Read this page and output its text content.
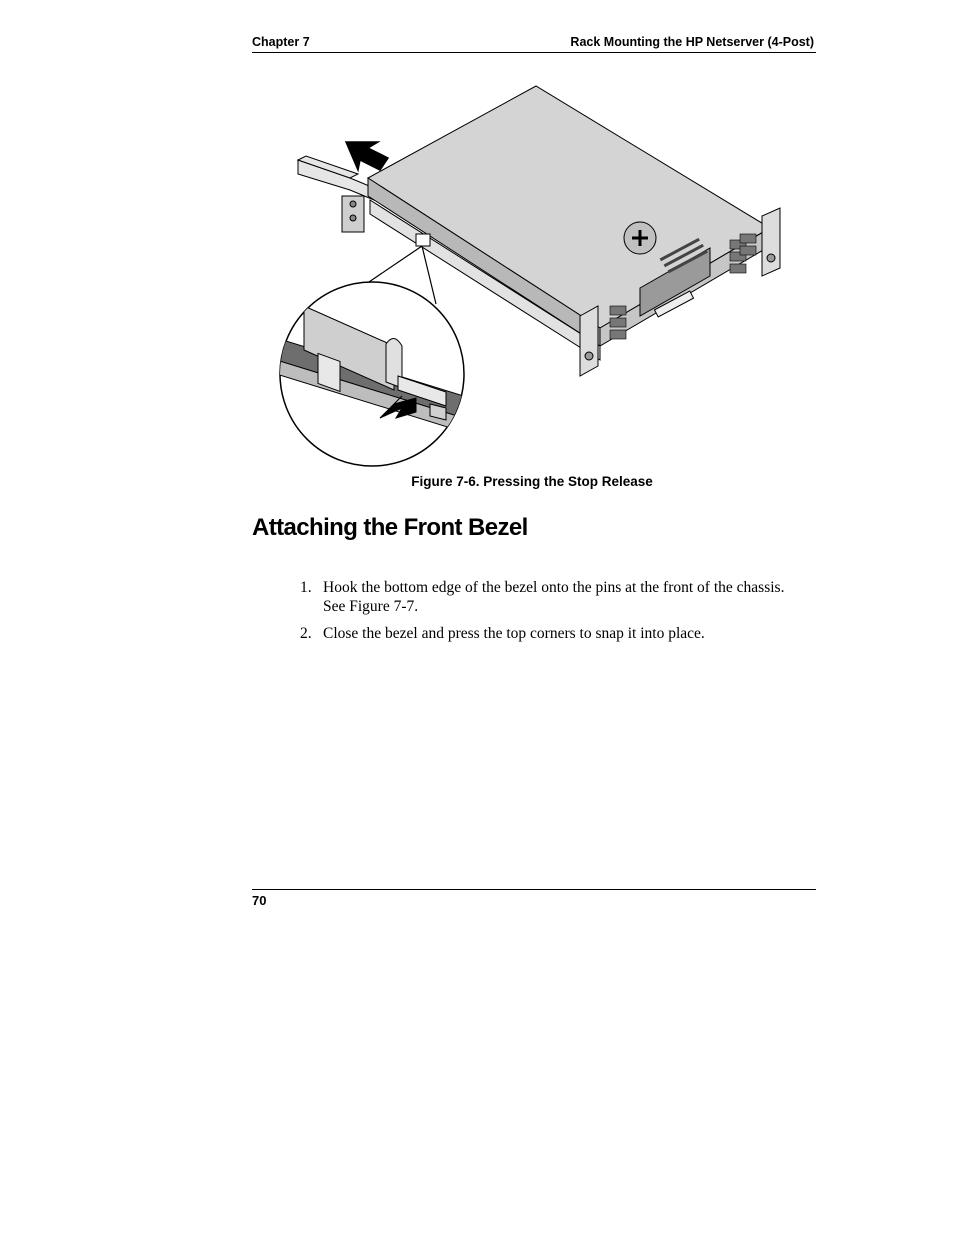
Chapter 7	Rack Mounting the HP Netserver (4-Post)
Figure 7-6. Pressing the Stop Release
Attaching the Front Bezel
1. Hook the bottom edge of the bezel onto the pins at the front of the chassis. See Figure 7-7.
2. Close the bezel and press the top corners to snap it into place.
70
